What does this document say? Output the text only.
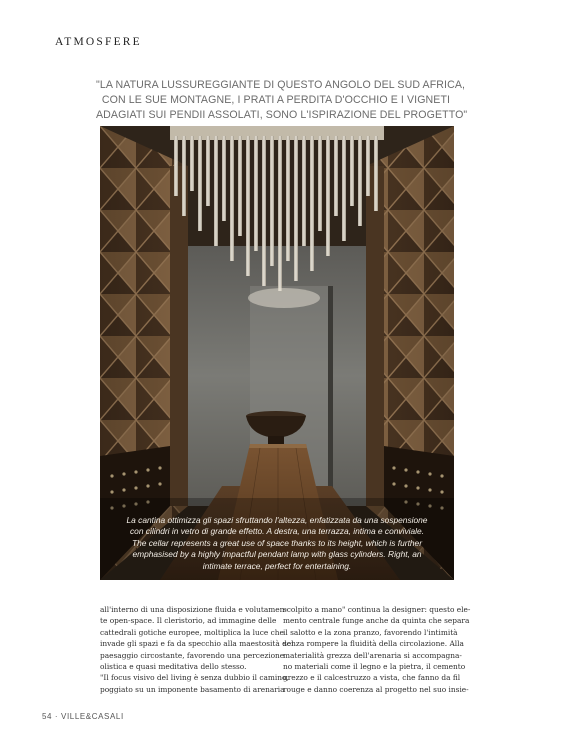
ATMOSFERE
"LA NATURA LUSSUREGGIANTE DI QUESTO ANGOLO DEL SUD AFRICA,
CON LE SUE MONTAGNE, I PRATI A PERDITA D'OCCHIO E I VIGNETI
ADAGIATI SUI PENDII ASSOLATI, SONO L'ISPIRAZIONE DEL PROGETTO"
La cantina ottimizza gli spazi sfruttando l'altezza, enfatizzata da una sospensione
con cilindri in vetro di grande effetto. A destra, una terrazza, intima e conviviale.
The cellar represents a great use of space thanks to its height, which is further
emphasised by a highly impactful pendant lamp with glass cylinders. Right, an
intimate terrace, perfect for entertaining.
all'interno di una disposizione fluida e volutamen-
te open-space. Il cleristorio, ad immagine delle
cattedrali gotiche europee, moltiplica la luce che
invade gli spazi e fa da specchio alla maestosità del
paesaggio circostante, favorendo una percezione
olistica e quasi meditativa dello stesso.
"Il focus visivo del living è senza dubbio il camino,
poggiato su un imponente basamento di arenaria
scolpito a mano" continua la designer: questo ele-
mento centrale funge anche da quinta che separa
il salotto e la zona pranzo, favorendo l'intimità
senza rompere la fluidità della circolazione. Alla
materialità grezza dell'arenaria si accompagna-
no materiali come il legno e la pietra, il cemento
grezzo e il calcestruzzo a vista, che fanno da fil
rouge e danno coerenza al progetto nel suo insie-
54 · VILLE&CASALI
